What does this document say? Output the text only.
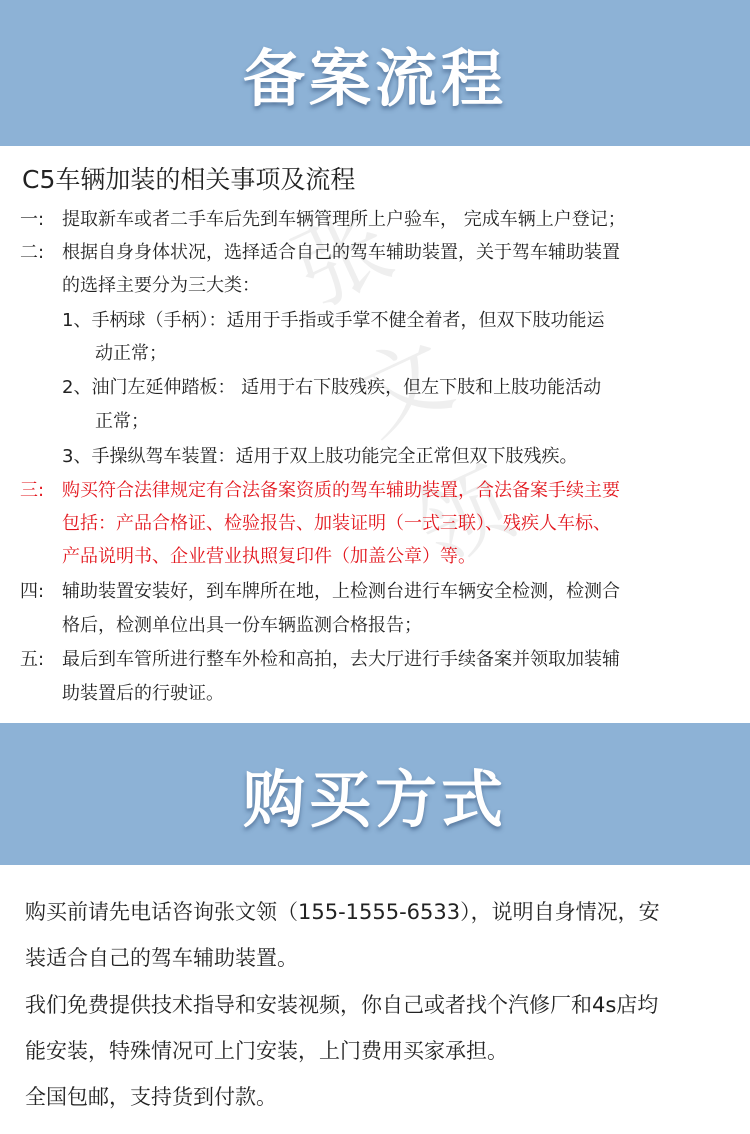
备案流程
张
文
领
C5车辆加装的相关事项及流程
一: 提取新车或者二手车后先到车辆管理所上户验车， 完成车辆上户登记；
二: 根据自身身体状况，选择适合自己的驾车辅助装置，关于驾车辅助装置
的选择主要分为三大类：
1、手柄球（手柄）：适用于手指或手掌不健全着者，但双下肢功能运
动正常；
2、油门左延伸踏板： 适用于右下肢残疾，但左下肢和上肢功能活动
正常；
3、手操纵驾车装置：适用于双上肢功能完全正常但双下肢残疾。
三: 购买符合法律规定有合法备案资质的驾车辅助装置，合法备案手续主要
包括：产品合格证、检验报告、加装证明（一式三联）、残疾人车标、
产品说明书、企业营业执照复印件（加盖公章）等。
四: 辅助装置安装好，到车牌所在地，上检测台进行车辆安全检测，检测合
格后，检测单位出具一份车辆监测合格报告；
五: 最后到车管所进行整车外检和高拍，去大厅进行手续备案并领取加装辅
助装置后的行驶证。
购买方式
购买前请先电话咨询张文领（155-1555-6533），说明自身情况，安
装适合自己的驾车辅助装置。
我们免费提供技术指导和安装视频，你自己或者找个汽修厂和4s店均
能安装，特殊情况可上门安装，上门费用买家承担。
全国包邮，支持货到付款。
